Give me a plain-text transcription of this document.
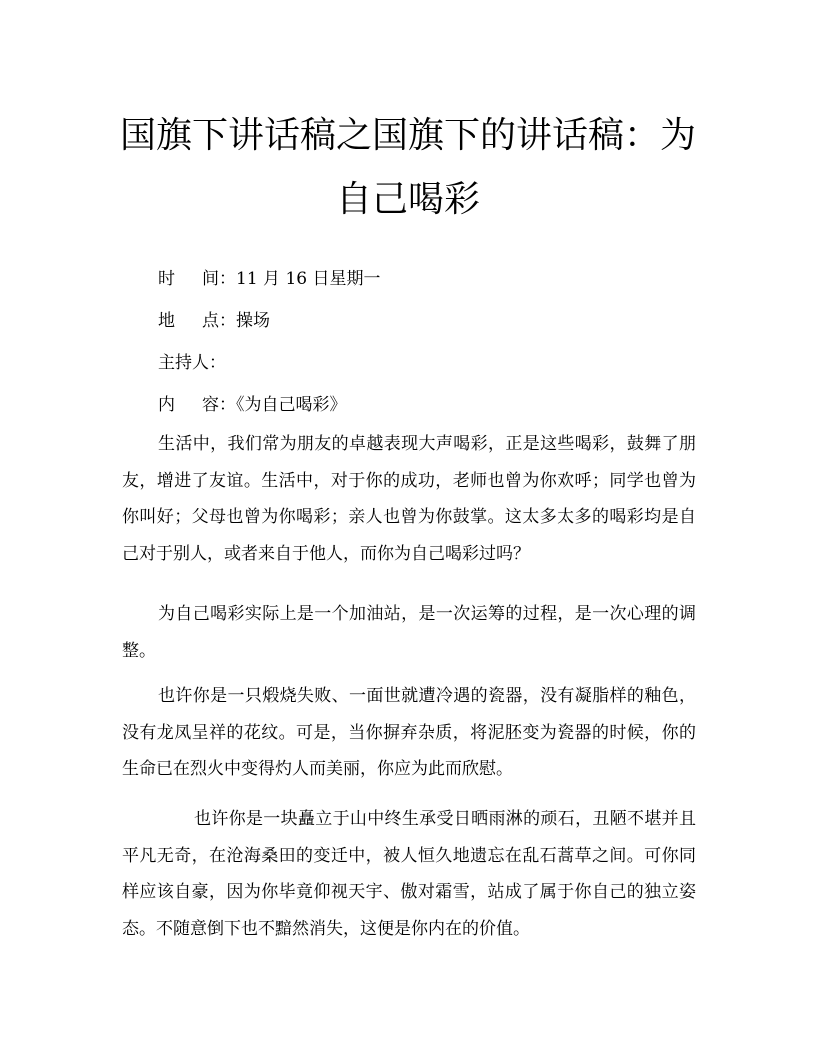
国旗下讲话稿之国旗下的讲话稿：为自己喝彩
时 间：11 月 16 日星期一
地 点：操场
主持人：
内 容：《为自己喝彩》

生活中，我们常为朋友的卓越表现大声喝彩，正是这些喝彩，鼓舞了朋友，增进了友谊。生活中，对于你的成功，老师也曾为你欢呼；同学也曾为你叫好；父母也曾为你喝彩；亲人也曾为你鼓掌。这太多太多的喝彩均是自己对于别人，或者来自于他人，而你为自己喝彩过吗？

为自己喝彩实际上是一个加油站，是一次运筹的过程，是一次心理的调整。

也许你是一只煅烧失败、一面世就遭冷遇的瓷器，没有凝脂样的釉色，没有龙凤呈祥的花纹。可是，当你摒弃杂质，将泥胚变为瓷器的时候，你的生命已在烈火中变得灼人而美丽，你应为此而欣慰。

也许你是一块矗立于山中终生承受日晒雨淋的顽石，丑陋不堪并且平凡无奇，在沧海桑田的变迁中，被人恒久地遗忘在乱石蒿草之间。可你同样应该自豪，因为你毕竟仰视天宇、傲对霜雪，站成了属于你自己的独立姿态。不随意倒下也不黯然消失，这便是你内在的价值。
